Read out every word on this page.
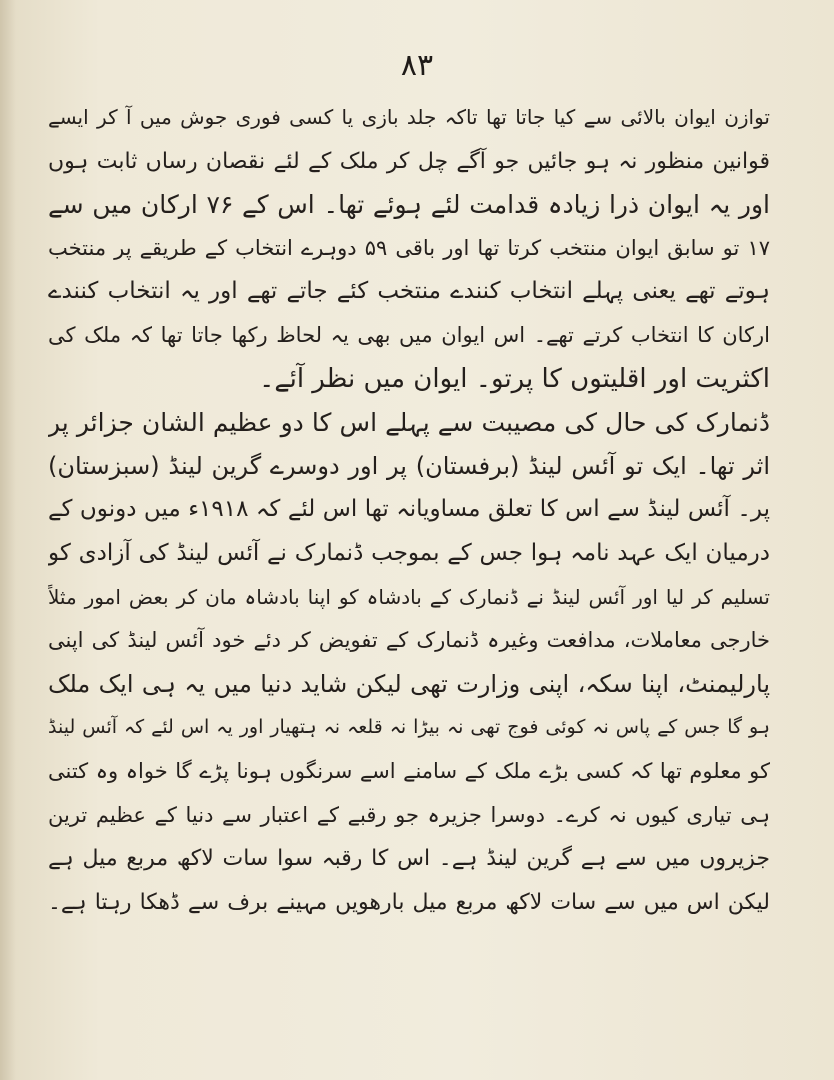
۸۳
توازن ایوان بالائی سے کیا جاتا تھا تاکہ جلد بازی یا کسی فوری جوش میں آ کر ایسے
قوانین منظور نہ ہو جائیں جو آگے چل کر ملک کے لئے نقصان رساں ثابت ہوں
اور یہ ایوان ذرا زیادہ قدامت لئے ہوئے تھا۔ اس کے ۷۶ ارکان میں سے
۱۷ تو سابق ایوان منتخب کرتا تھا اور باقی ۵۹ دوہرے انتخاب کے طریقے پر منتخب
ہوتے تھے یعنی پہلے انتخاب کنندے منتخب کئے جاتے تھے اور یہ انتخاب کنندے
ارکان کا انتخاب کرتے تھے۔ اس ایوان میں بھی یہ لحاظ رکھا جاتا تھا کہ ملک کی
اکثریت اور اقلیتوں کا پرتو۔ ایوان میں نظر آئے۔
ڈنمارک کی حال کی مصیبت سے پہلے اس کا دو عظیم الشان جزائر پر
اثر تھا۔ ایک تو آئس لینڈ (برفستان) پر اور دوسرے گرین لینڈ (سبزستان)
پر۔ آئس لینڈ سے اس کا تعلق مساویانہ تھا اس لئے کہ ۱۹۱۸ء میں دونوں کے
درمیان ایک عہد نامہ ہوا جس کے بموجب ڈنمارک نے آئس لینڈ کی آزادی کو
تسلیم کر لیا اور آئس لینڈ نے ڈنمارک کے بادشاہ کو اپنا بادشاہ مان کر بعض امور مثلاً
خارجی معاملات، مدافعت وغیرہ ڈنمارک کے تفویض کر دئے خود آئس لینڈ کی اپنی
پارلیمنٹ، اپنا سکہ، اپنی وزارت تھی لیکن شاید دنیا میں یہ ہی ایک ملک
ہو گا جس کے پاس نہ کوئی فوج تھی نہ بیڑا نہ قلعہ نہ ہتھیار اور یہ اس لئے کہ آئس لینڈ
کو معلوم تھا کہ کسی بڑے ملک کے سامنے اسے سرنگوں ہونا پڑے گا خواہ وہ کتنی
ہی تیاری کیوں نہ کرے۔ دوسرا جزیرہ جو رقبے کے اعتبار سے دنیا کے عظیم ترین
جزیروں میں سے ہے گرین لینڈ ہے۔ اس کا رقبہ سوا سات لاکھ مربع میل ہے
لیکن اس میں سے سات لاکھ مربع میل بارھویں مہینے برف سے ڈھکا رہتا ہے۔
